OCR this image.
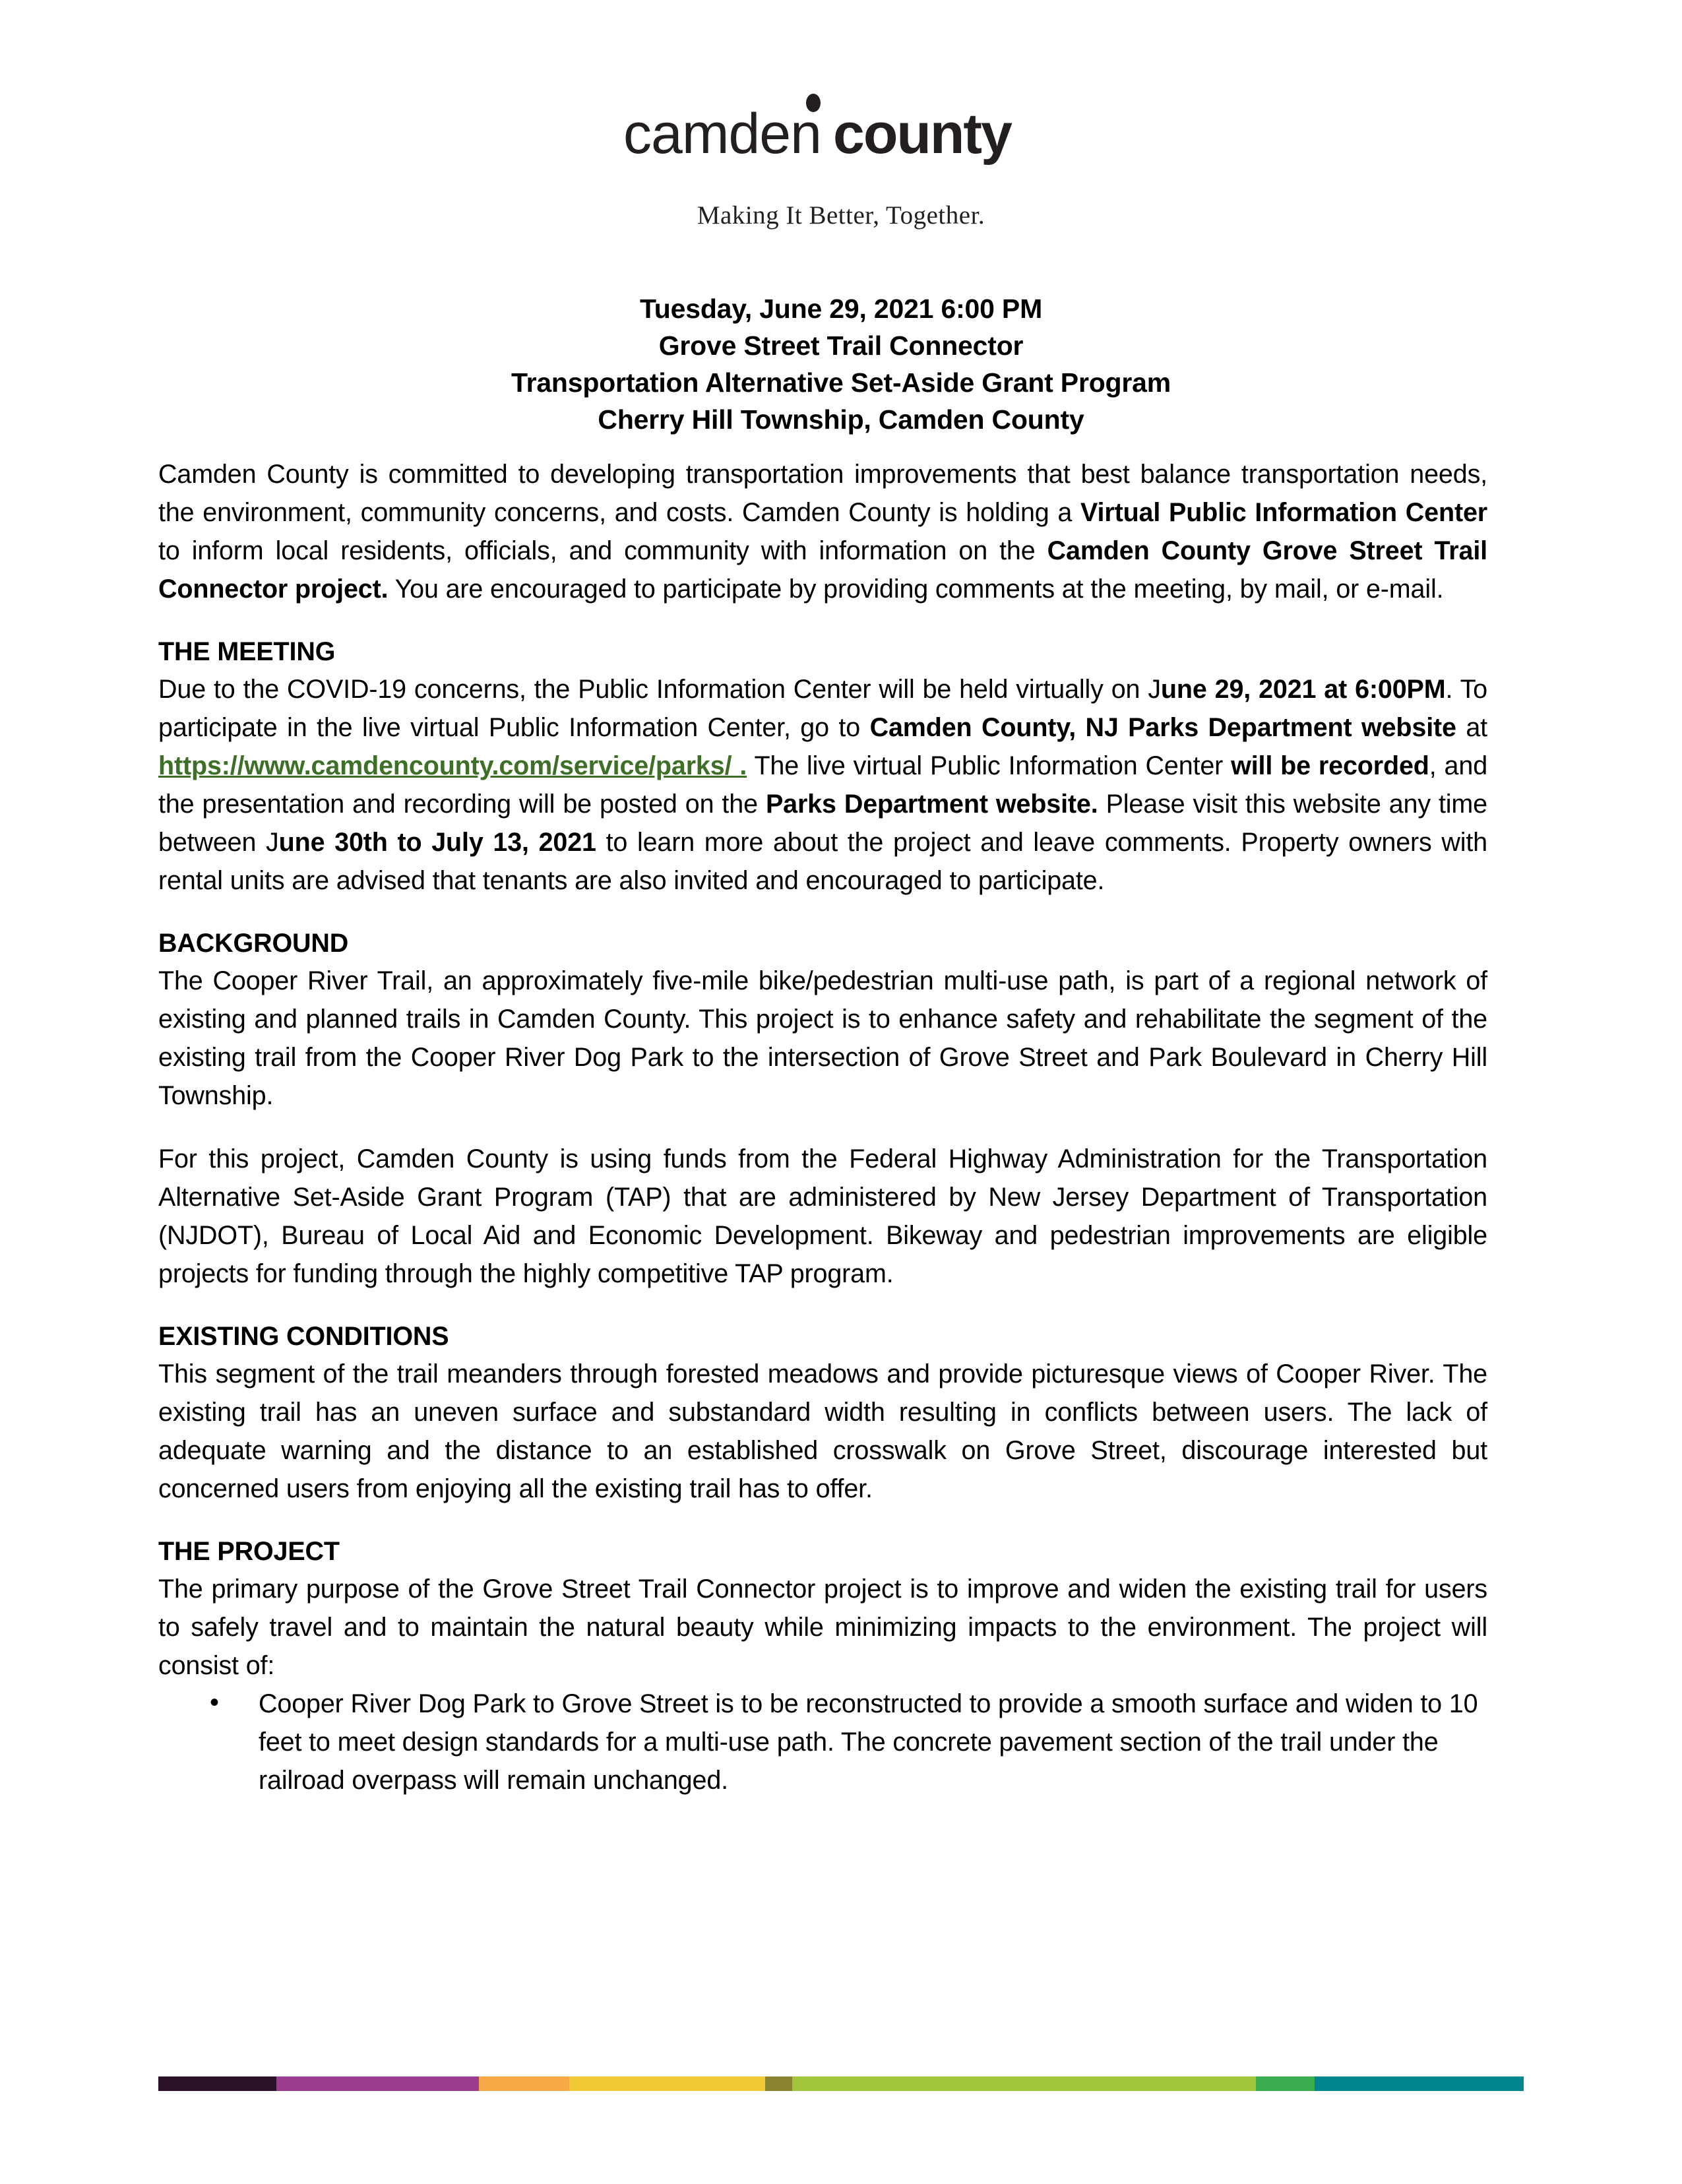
camden county
Making It Better, Together.
Tuesday, June 29, 2021 6:00 PM
Grove Street Trail Connector
Transportation Alternative Set-Aside Grant Program
Cherry Hill Township, Camden County

Camden County is committed to developing transportation improvements that best balance transportation needs, the environment, community concerns, and costs. Camden County is holding a Virtual Public Information Center to inform local residents, officials, and community with information on the Camden County Grove Street Trail Connector project. You are encouraged to participate by providing comments at the meeting, by mail, or e-mail.

THE MEETING

Due to the COVID-19 concerns, the Public Information Center will be held virtually on June 29, 2021 at 6:00PM. To participate in the live virtual Public Information Center, go to Camden County, NJ Parks Department website at https://www.camdencounty.com/service/parks/ . The live virtual Public Information Center will be recorded, and the presentation and recording will be posted on the Parks Department website. Please visit this website any time between June 30th to July 13, 2021 to learn more about the project and leave comments. Property owners with rental units are advised that tenants are also invited and encouraged to participate.

BACKGROUND

The Cooper River Trail, an approximately five-mile bike/pedestrian multi-use path, is part of a regional network of existing and planned trails in Camden County. This project is to enhance safety and rehabilitate the segment of the existing trail from the Cooper River Dog Park to the intersection of Grove Street and Park Boulevard in Cherry Hill Township.

For this project, Camden County is using funds from the Federal Highway Administration for the Transportation Alternative Set-Aside Grant Program (TAP) that are administered by New Jersey Department of Transportation (NJDOT), Bureau of Local Aid and Economic Development. Bikeway and pedestrian improvements are eligible projects for funding through the highly competitive TAP program.

EXISTING CONDITIONS

This segment of the trail meanders through forested meadows and provide picturesque views of Cooper River. The existing trail has an uneven surface and substandard width resulting in conflicts between users. The lack of adequate warning and the distance to an established crosswalk on Grove Street, discourage interested but concerned users from enjoying all the existing trail has to offer.

THE PROJECT

The primary purpose of the Grove Street Trail Connector project is to improve and widen the existing trail for users to safely travel and to maintain the natural beauty while minimizing impacts to the environment. The project will consist of:

• Cooper River Dog Park to Grove Street is to be reconstructed to provide a smooth surface and widen to 10 feet to meet design standards for a multi-use path. The concrete pavement section of the trail under the railroad overpass will remain unchanged.
